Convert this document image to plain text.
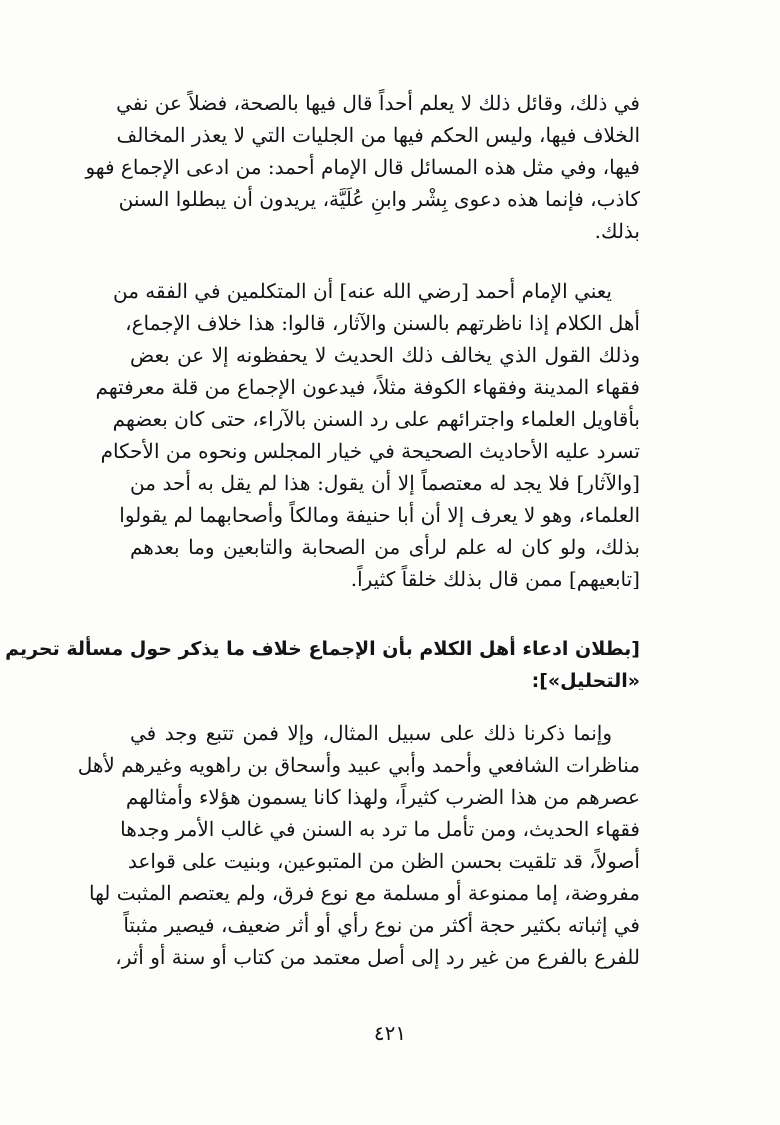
في ذلك، وقائل ذلك لا يعلم أحداً قال فيها بالصحة، فضلاً عن نفي
الخلاف فيها، وليس الحكم فيها من الجليات التي لا يعذر المخالف
فيها، وفي مثل هذه المسائل قال الإمام أحمد: من ادعى الإجماع فهو
كاذب، فإنما هذه دعوى بِشْر وابنِ عُلَيَّة، يريدون أن يبطلوا السنن
بذلك.
يعني الإمام أحمد [رضي الله عنه] أن المتكلمين في الفقه من
أهل الكلام إذا ناظرتهم بالسنن والآثار، قالوا: هذا خلاف الإجماع،
وذلك القول الذي يخالف ذلك الحديث لا يحفظونه إلا عن بعض
فقهاء المدينة وفقهاء الكوفة مثلاً، فيدعون الإجماع من قلة معرفتهم
بأقاويل العلماء واجترائهم على رد السنن بالآراء، حتى كان بعضهم
تسرد عليه الأحاديث الصحيحة في خيار المجلس ونحوه من الأحكام
[والآثار] فلا يجد له معتصماً إلا أن يقول: هذا لم يقل به أحد من
العلماء، وهو لا يعرف إلا أن أبا حنيفة ومالكاً وأصحابهما لم يقولوا
بذلك، ولو كان له علم لرأى من الصحابة والتابعين وما بعدهم
[تابعيهم] ممن قال بذلك خلقاً كثيراً.
[بطلان ادعاء أهل الكلام بأن الإجماع خلاف ما يذكر حول مسألة تحريم
«التحليل»]:
وإنما ذكرنا ذلك على سبيل المثال، وإلا فمن تتبع وجد في
مناظرات الشافعي وأحمد وأبي عبيد وأسحاق بن راهويه وغيرهم لأهل
عصرهم من هذا الضرب كثيراً، ولهذا كانا يسمون هؤلاء وأمثالهم
فقهاء الحديث، ومن تأمل ما ترد به السنن في غالب الأمر وجدها
أصولاً، قد تلقيت بحسن الظن من المتبوعين، وبنيت على قواعد
مفروضة، إما ممنوعة أو مسلمة مع نوع فرق، ولم يعتصم المثبت لها
في إثباته بكثير حجة أكثر من نوع رأي أو أثر ضعيف، فيصير مثبتاً
للفرع بالفرع من غير رد إلى أصل معتمد من كتاب أو سنة أو أثر،
٤٢١
